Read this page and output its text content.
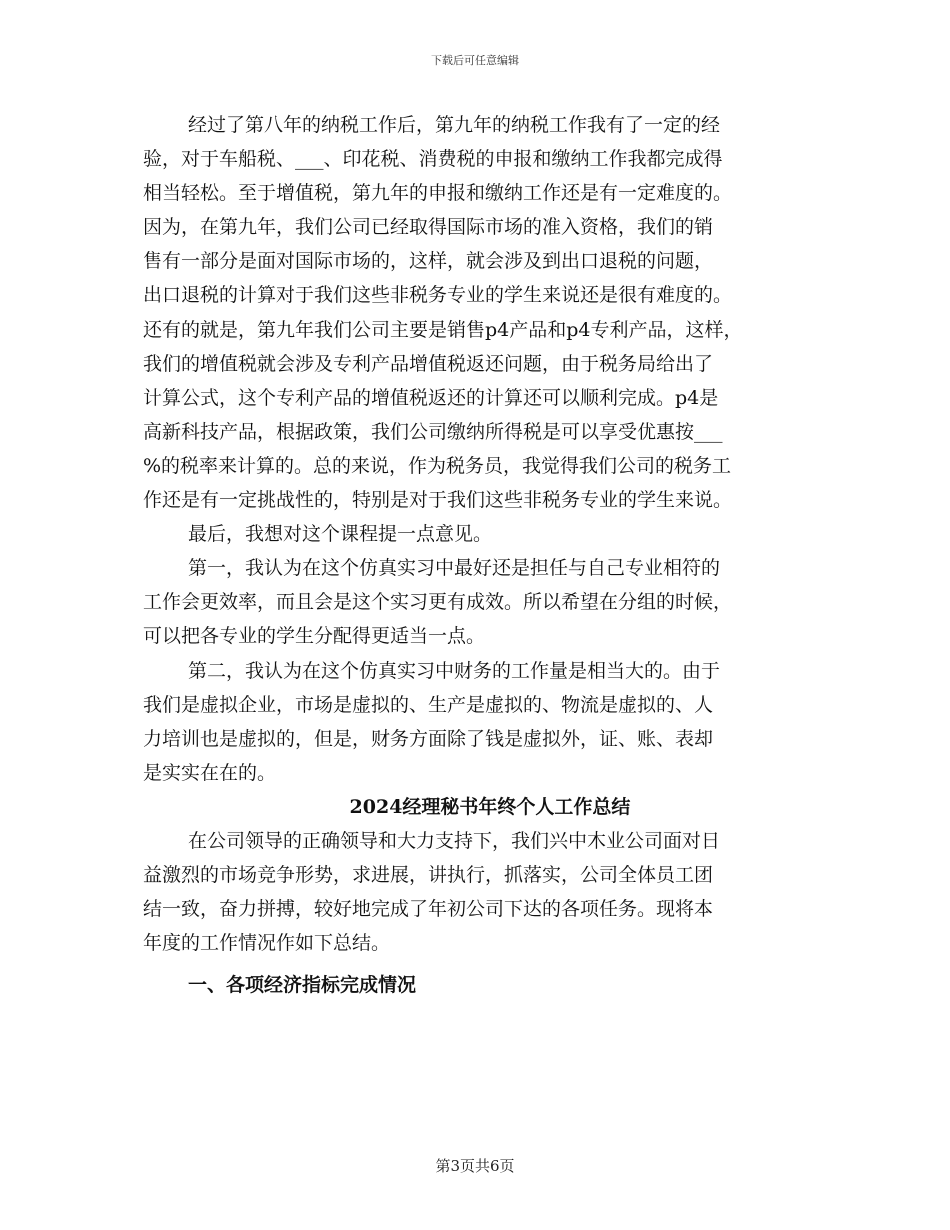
下载后可任意编辑
经过了第八年的纳税工作后，第九年的纳税工作我有了一定的经
验，对于车船税、___、印花税、消费税的申报和缴纳工作我都完成得
相当轻松。至于增值税，第九年的申报和缴纳工作还是有一定难度的。
因为，在第九年，我们公司已经取得国际市场的准入资格，我们的销
售有一部分是面对国际市场的，这样，就会涉及到出口退税的问题，
出口退税的计算对于我们这些非税务专业的学生来说还是很有难度的。
还有的就是，第九年我们公司主要是销售p4产品和p4专利产品，这样，
我们的增值税就会涉及专利产品增值税返还问题，由于税务局给出了
计算公式，这个专利产品的增值税返还的计算还可以顺利完成。p4是
高新科技产品，根据政策，我们公司缴纳所得税是可以享受优惠按___
%的税率来计算的。总的来说，作为税务员，我觉得我们公司的税务工
作还是有一定挑战性的，特别是对于我们这些非税务专业的学生来说。
最后，我想对这个课程提一点意见。
第一，我认为在这个仿真实习中最好还是担任与自己专业相符的
工作会更效率，而且会是这个实习更有成效。所以希望在分组的时候，
可以把各专业的学生分配得更适当一点。
第二，我认为在这个仿真实习中财务的工作量是相当大的。由于
我们是虚拟企业，市场是虚拟的、生产是虚拟的、物流是虚拟的、人
力培训也是虚拟的，但是，财务方面除了钱是虚拟外，证、账、表却
是实实在在的。
2024经理秘书年终个人工作总结
在公司领导的正确领导和大力支持下，我们兴中木业公司面对日
益激烈的市场竞争形势，求进展，讲执行，抓落实，公司全体员工团
结一致，奋力拼搏，较好地完成了年初公司下达的各项任务。现将本
年度的工作情况作如下总结。
一、各项经济指标完成情况
第3页共6页
